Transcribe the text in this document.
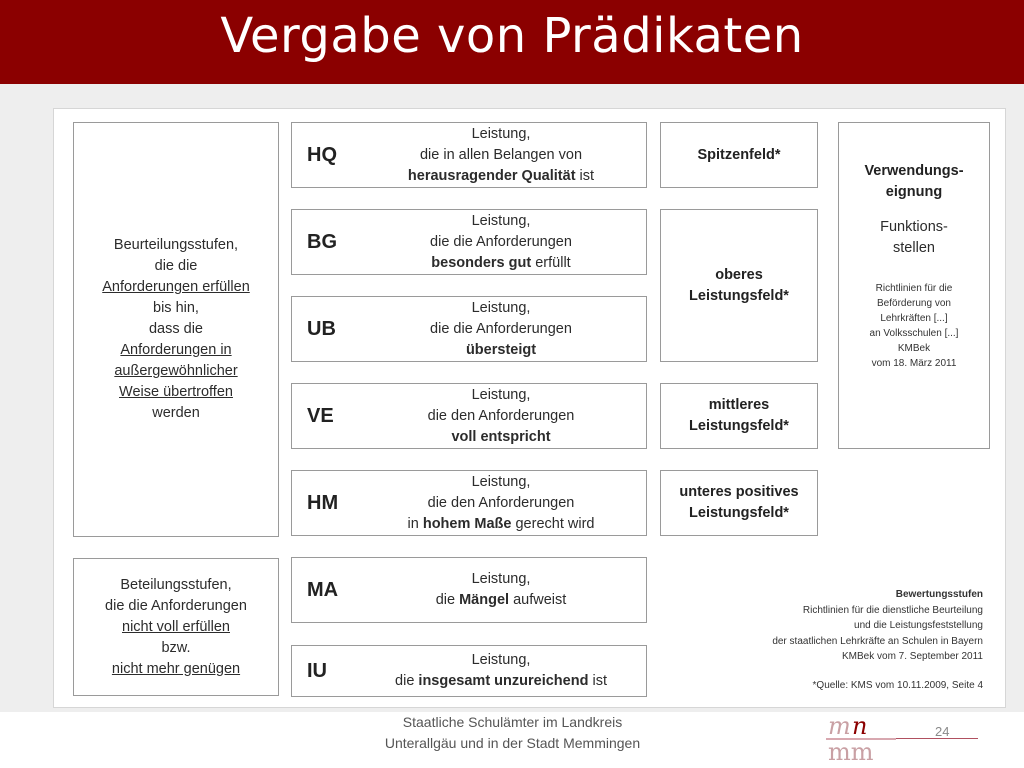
Vergabe von Prädikaten
Beurteilungsstufen,
die die
Anforderungen erfüllen
bis hin,
dass die
Anforderungen in
außergewöhnlicher
Weise übertroffen
werden
Beteilungsstufen,
die die Anforderungen
nicht voll erfüllen
bzw.
nicht mehr genügen
HQ
Leistung,
die in allen Belangen von
herausragender Qualität ist
BG
Leistung,
die die Anforderungen
besonders gut erfüllt
UB
Leistung,
die die Anforderungen
übersteigt
VE
Leistung,
die den Anforderungen
voll entspricht
HM
Leistung,
die den Anforderungen
in hohem Maße gerecht wird
MA	Leistung,
die Mängel aufweist
IU	Leistung,
die insgesamt unzureichend ist
Spitzenfeld*
oberes
Leistungsfeld*
mittleres
Leistungsfeld*
unteres positives
Leistungsfeld*
Verwendungs-
eignung
Funktions-
stellen
Richtlinien für die
Beförderung von
Lehrkräften [...]
an Volksschulen [...]
KMBek
vom 18. März 2011
Bewertungsstufen
Richtlinien für die dienstliche Beurteilung
und die Leistungsfeststellung
der staatlichen Lehrkräfte an Schulen in Bayern
KMBek vom 7. September 2011
*Quelle: KMS vom 10.11.2009, Seite 4
Staatliche Schulämter im Landkreis
Unterallgäu und in der Stadt Memmingen
m n
mm
24
